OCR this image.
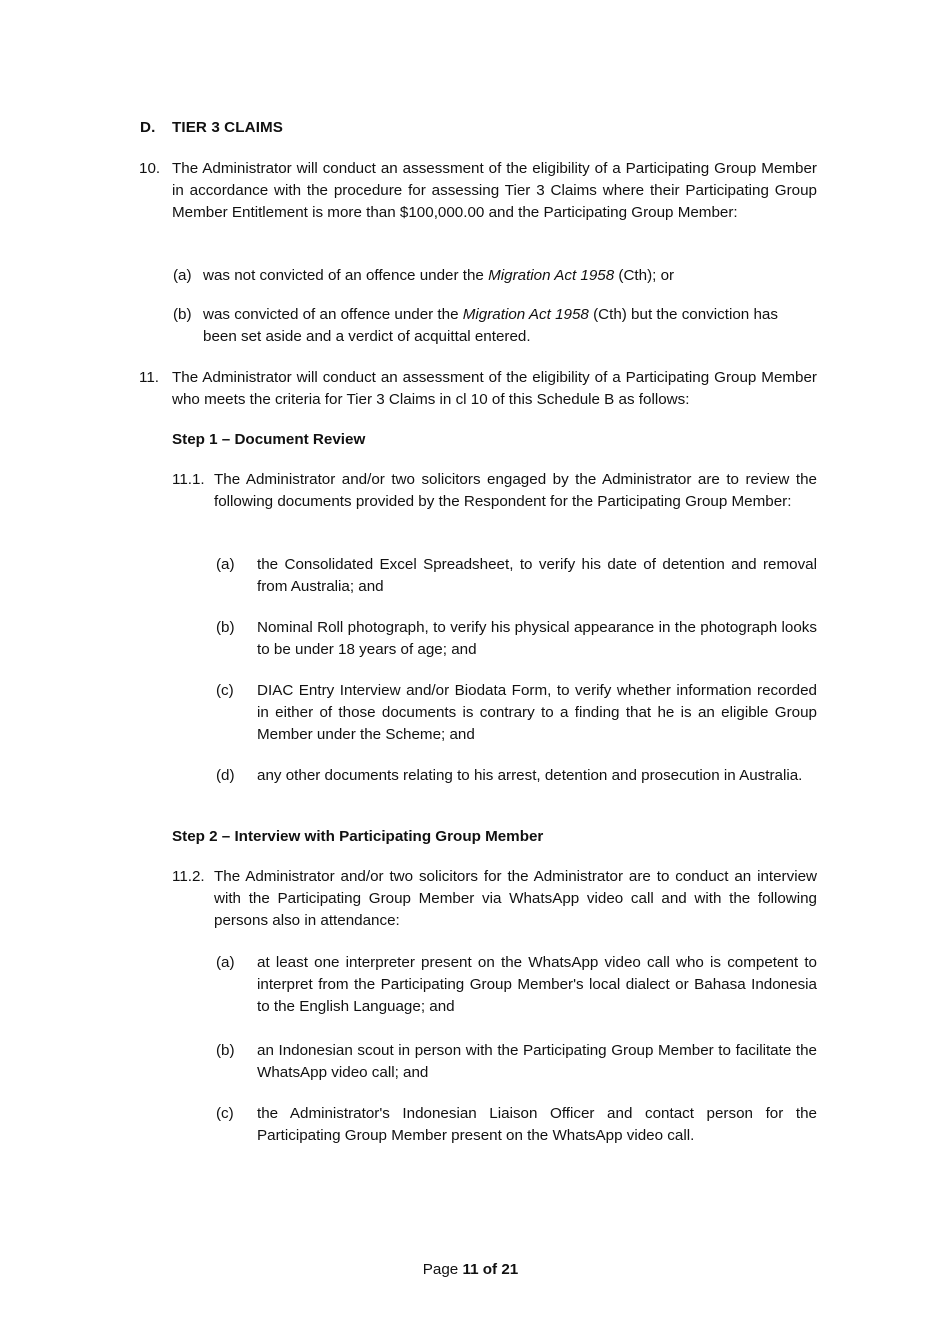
D. TIER 3 CLAIMS
10. The Administrator will conduct an assessment of the eligibility of a Participating Group Member in accordance with the procedure for assessing Tier 3 Claims where their Participating Group Member Entitlement is more than $100,000.00 and the Participating Group Member:
(a) was not convicted of an offence under the Migration Act 1958 (Cth); or
(b) was convicted of an offence under the Migration Act 1958 (Cth) but the conviction has been set aside and a verdict of acquittal entered.
11. The Administrator will conduct an assessment of the eligibility of a Participating Group Member who meets the criteria for Tier 3 Claims in cl 10 of this Schedule B as follows:
Step 1 – Document Review
11.1. The Administrator and/or two solicitors engaged by the Administrator are to review the following documents provided by the Respondent for the Participating Group Member:
(a) the Consolidated Excel Spreadsheet, to verify his date of detention and removal from Australia; and
(b) Nominal Roll photograph, to verify his physical appearance in the photograph looks to be under 18 years of age; and
(c) DIAC Entry Interview and/or Biodata Form, to verify whether information recorded in either of those documents is contrary to a finding that he is an eligible Group Member under the Scheme; and
(d) any other documents relating to his arrest, detention and prosecution in Australia.
Step 2 – Interview with Participating Group Member
11.2. The Administrator and/or two solicitors for the Administrator are to conduct an interview with the Participating Group Member via WhatsApp video call and with the following persons also in attendance:
(a) at least one interpreter present on the WhatsApp video call who is competent to interpret from the Participating Group Member's local dialect or Bahasa Indonesia to the English Language; and
(b) an Indonesian scout in person with the Participating Group Member to facilitate the WhatsApp video call; and
(c) the Administrator's Indonesian Liaison Officer and contact person for the Participating Group Member present on the WhatsApp video call.
Page 11 of 21
